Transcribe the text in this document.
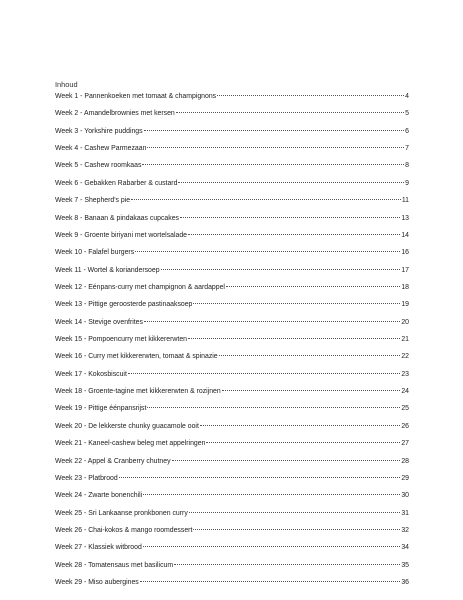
Inhoud
Week 1 - Pannenkoeken met tomaat & champignons	4
Week 2 - Amandelbrownies met kersen	5
Week 3 - Yorkshire puddings	6
Week 4 - Cashew Parmezaan	7
Week 5 - Cashew roomkaas	8
Week 6 - Gebakken Rabarber & custard	9
Week 7 - Shepherd's pie	11
Week 8 - Banaan & pindakaas cupcakes	13
Week 9 - Groente biriyani met wortelsalade	14
Week 10 - Falafel burgers	16
Week 11 - Wortel & koriandersoep	17
Week 12 - Eénpans-curry met champignon & aardappel	18
Week 13 - Pittige geroosterde pastinaaksoep	19
Week 14 - Stevige ovenfrites	20
Week 15 - Pompoencurry met kikkererwten	21
Week 16 - Curry met kikkererwten, tomaat & spinazie	22
Week 17 - Kokosbiscuit	23
Week 18 - Groente-tagine met kikkererwten & rozijnen	24
Week 19 - Pittige éénpansrijst	25
Week 20 - De lekkerste chunky guacamole ooit	26
Week 21 - Kaneel-cashew beleg met appelringen	27
Week 22 - Appel & Cranberry chutney	28
Week 23 - Platbrood	29
Week 24 - Zwarte bonenchili	30
Week 25 - Sri Lankaanse pronkbonen curry	31
Week 26 - Chai-kokos & mango roomdessert	32
Week 27 - Klassiek witbrood	34
Week 28 - Tomatensaus met basilicum	35
Week 29 - Miso aubergines	36
